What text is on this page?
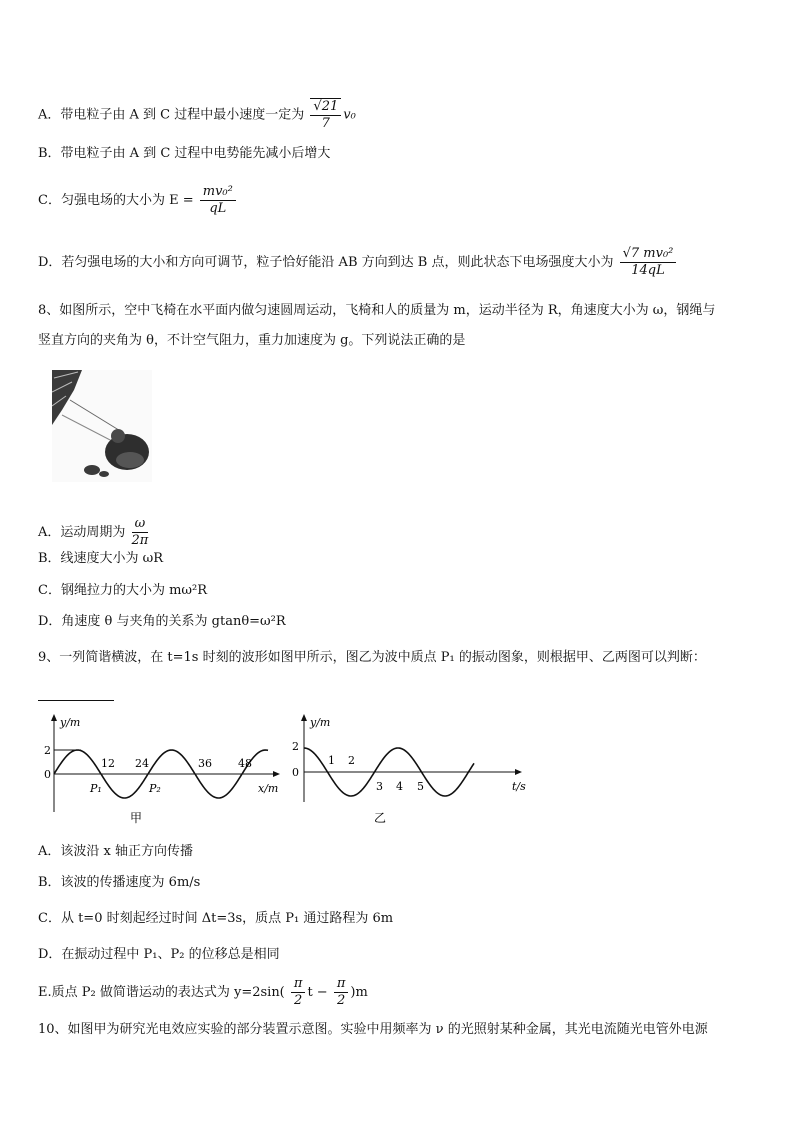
A．带电粒子由 A 到 C 过程中最小速度一定为 $\frac{√21}{7} v_0$
B．带电粒子由 A 到 C 过程中电势能先减小后增大
C．匀强电场的大小为 $E = \frac{\text{mv₀²}}{qL}$
D．若匀强电场的大小和方向可调节，粒子恰好能沿 AB 方向到达 B 点，则此状态下电场强度大小为 $\frac{\text{√7 mv₀²}}{14qL}$
8、如图所示，空中飞椅在水平面内做匀速圆周运动，飞椅和人的质量为 m，运动半径为 R，角速度大小为 ω，钢绳与
竖直方向的夹角为 θ，不计空气阻力，重力加速度为 g。下列说法正确的是
A．运动周期为 $\frac{\omega}{2\pi}$
B．线速度大小为 ωR
C．钢绳拉力的大小为 mω²R
D．角速度 θ 与夹角的关系为 gtanθ=ω²R
9、一列简谐横波，在 t=1s 时刻的波形如图甲所示，图乙为波中质点 P₁ 的振动图象，则根据甲、乙两图可以判断：
y/m
2
0
12 24	36 48
P₁	P₂	x/m
甲
y/m
2
0
1 2
3 4 5	t/s
乙
A．该波沿 x 轴正方向传播
B．该波的传播速度为 6m/s
C．从 t=0 时刻起经过时间 Δt=3s，质点 P₁ 通过路程为 6m
D．在振动过程中 P₁、P₂ 的位移总是相同
E.质点 P₂ 做简谐运动的表达式为 $y=2\sin( \frac{\pi}{2}$ $t - \frac{\pi}{2} )m$
10、如图甲为研究光电效应实验的部分装置示意图。实验中用频率为 ν 的光照射某种金属，其光电流随光电管外电源
